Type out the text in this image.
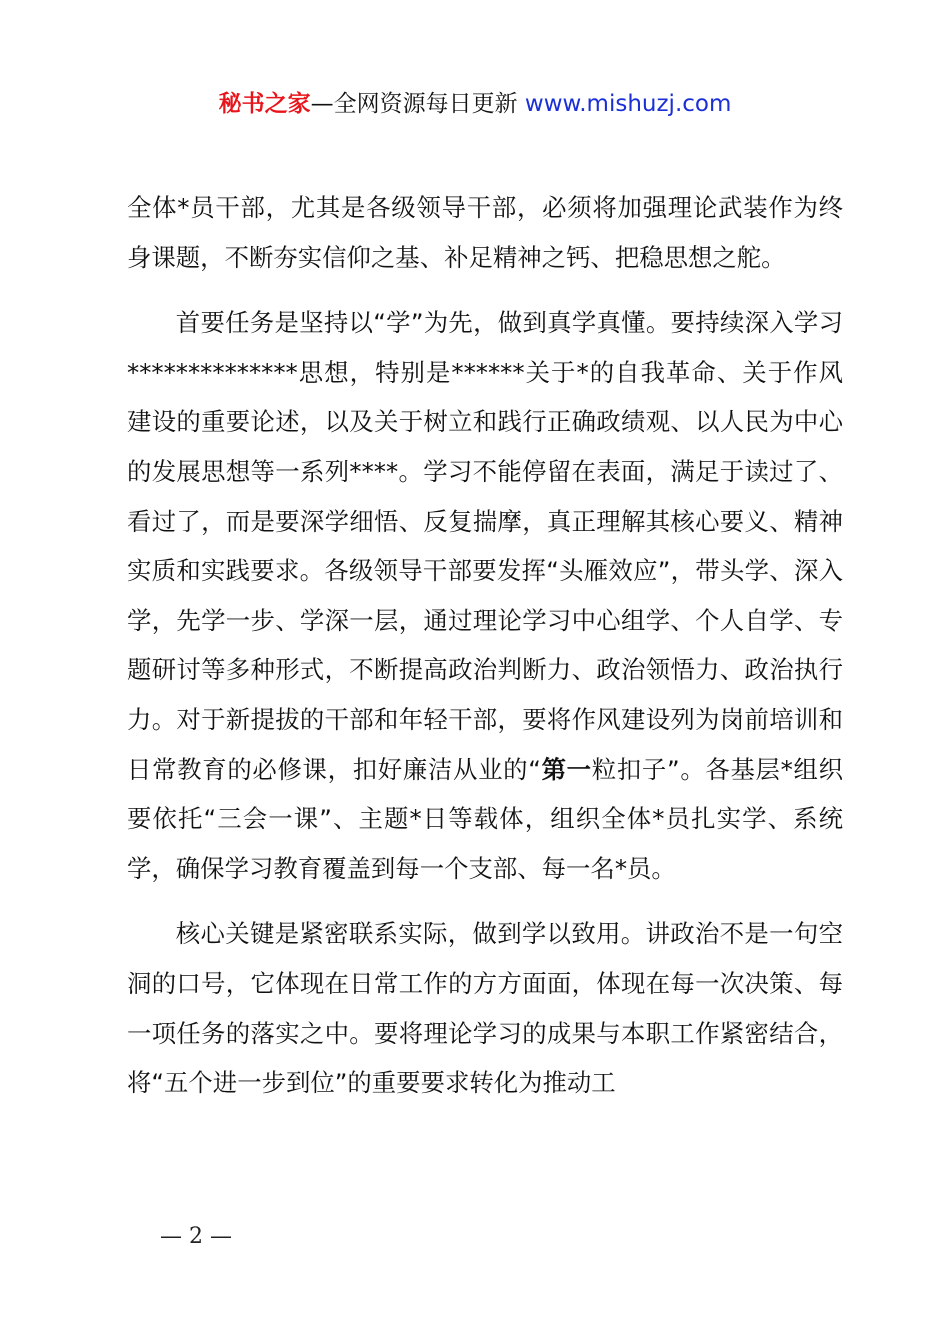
秘书之家—全网资源每日更新 www.mishuzj.com

全体*员干部，尤其是各级领导干部，必须将加强理论武装作为终身课题，不断夯实信仰之基、补足精神之钙、把稳思想之舵。

首要任务是坚持以“学”为先，做到真学真懂。要持续深入学习**************思想，特别是******关于*的自我革命、关于作风建设的重要论述，以及关于树立和践行正确政绩观、以人民为中心的发展思想等一系列****。学习不能停留在表面，满足于读过了、看过了，而是要深学细悟、反复揣摩，真正理解其核心要义、精神实质和实践要求。各级领导干部要发挥“头雁效应”，带头学、深入学，先学一步、学深一层，通过理论学习中心组学、个人自学、专题研讨等多种形式，不断提高政治判断力、政治领悟力、政治执行力。对于新提拔的干部和年轻干部，要将作风建设列为岗前培训和日常教育的必修课，扣好廉洁从业的“第一粒扣子”。各基层*组织要依托“三会一课”、主题*日等载体，组织全体*员扎实学、系统学，确保学习教育覆盖到每一个支部、每一名*员。

核心关键是紧密联系实际，做到学以致用。讲政治不是一句空洞的口号，它体现在日常工作的方方面面，体现在每一次决策、每一项任务的落实之中。要将理论学习的成果与本职工作紧密结合，将“五个进一步到位”的重要要求转化为推动工

— 2 —
